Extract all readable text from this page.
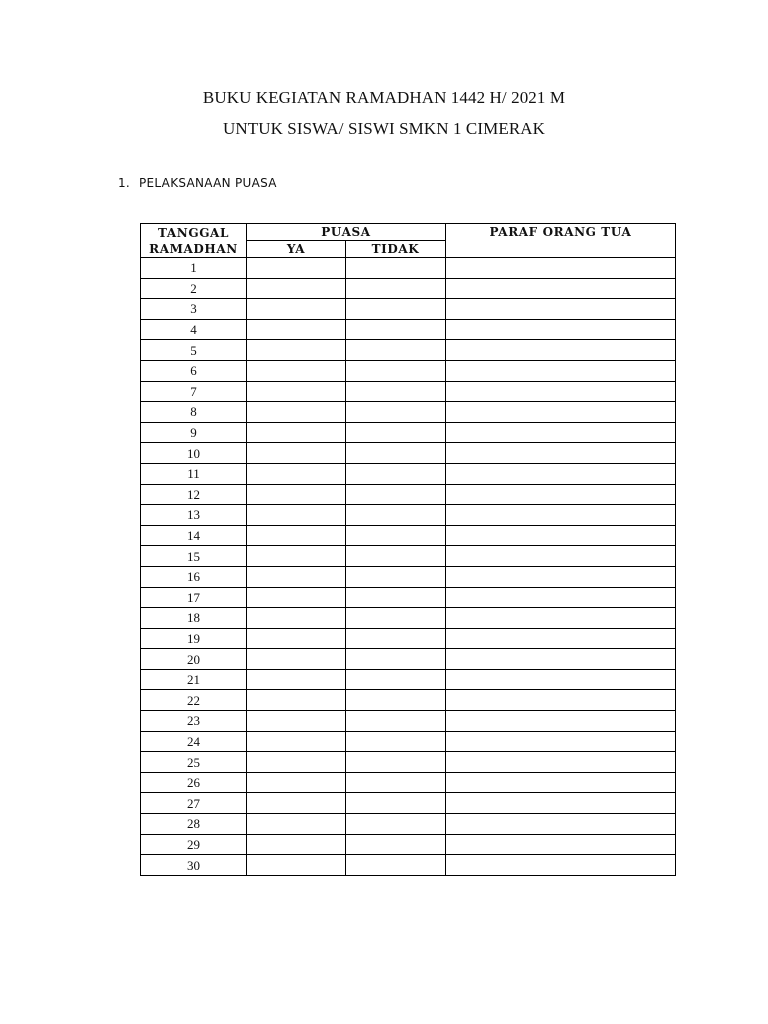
BUKU KEGIATAN RAMADHAN 1442 H/ 2021 M
UNTUK SISWA/ SISWI SMKN 1 CIMERAK
1. PELAKSANAAN PUASA
TANGGAL
RAMADHAN	PUASA		PARAF ORANG TUA
	YA	TIDAK	
1			
2			
3			
4			
5			
6			
7			
8			
9			
10			
11			
12			
13			
14			
15			
16			
17			
18			
19			
20			
21			
22			
23			
24			
25			
26			
27			
28			
29			
30			
